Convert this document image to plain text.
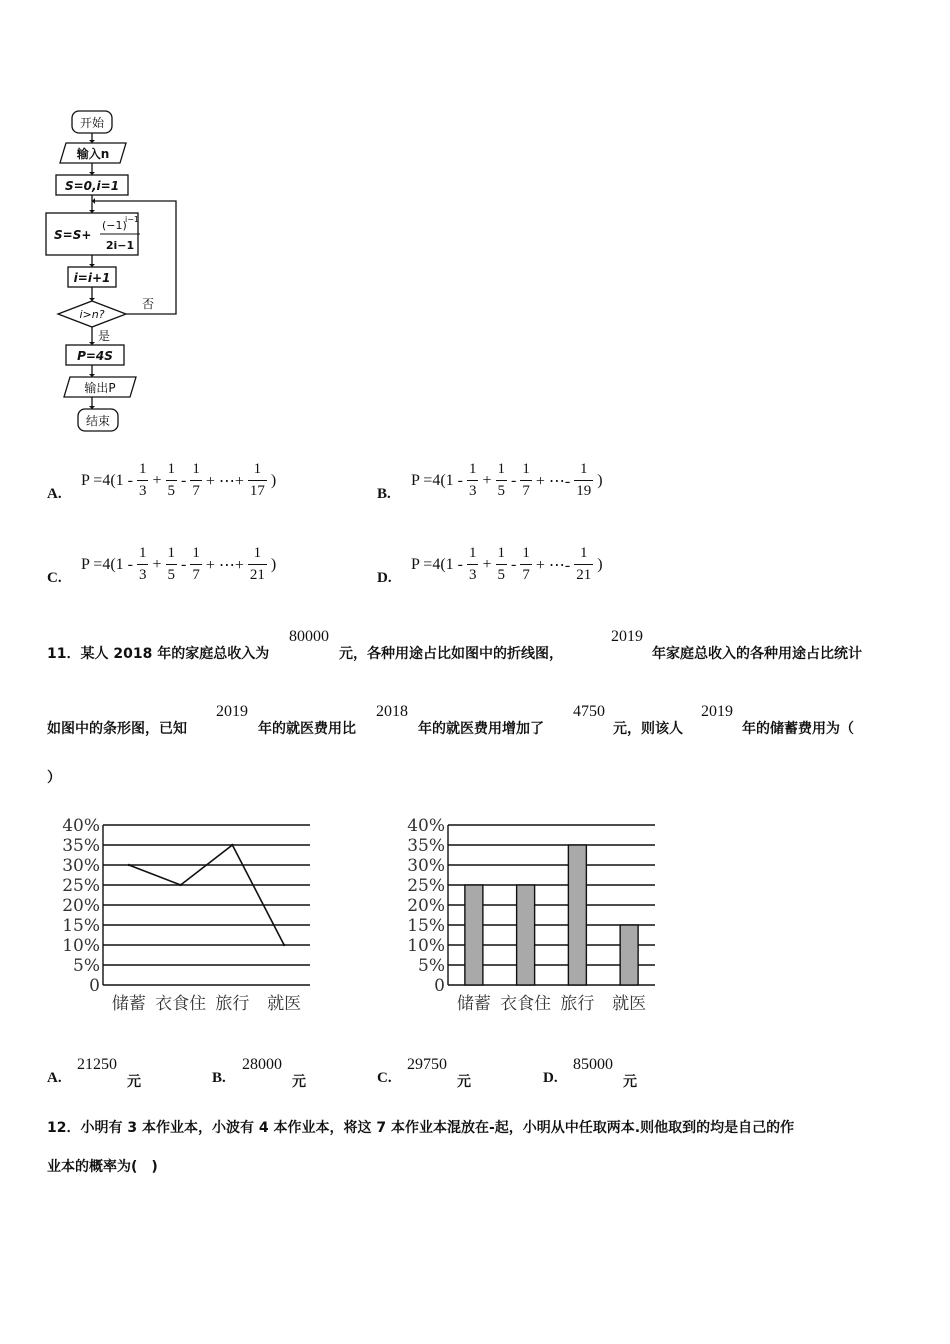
开始
输入n
S=0,i=1
S=S+
(−1)
i−1
2i−1
i=i+1
i>n?
否
是
P=4S
输出P
结束
A.
$P =4(1 - \frac{1}{3} + \frac{1}{5} - \frac{1}{7}$ + ⋯+ $\frac{1}{17}$ )
B.
$P =4(1 - \frac{1}{3} + \frac{1}{5} - \frac{1}{7}$ + ⋯- $\frac{1}{19}$ )
C.
$P =4(1 - \frac{1}{3} + \frac{1}{5} - \frac{1}{7}$ + ⋯+ $\frac{1}{21}$ )
D.
$P =4(1 - \frac{1}{3} + \frac{1}{5} - \frac{1}{7}$ + ⋯- $\frac{1}{21}$ )
11．某人 2018 年的家庭总收入为
80000
元，各种用途占比如图中的折线图，
2019
年家庭总收入的各种用途占比统计
如图中的条形图，已知
2019
年的就医费用比
2018
年的就医费用增加了
4750
元，则该人
2019
年的储蓄费用为（
）
0
5%
10%
15%
20%
25%
30%
35%
40%
储蓄 衣食住 旅行 就医
0
5%
10%
15%
20%
25%
30%
35%
40%
储蓄 衣食住 旅行 就医
A.
21250
元	B.
28000
元	C.
29750
元	D.
85000
元
12．小明有 3 本作业本，小波有 4 本作业本，将这 7 本作业本混放在-起，小明从中任取两本.则他取到的均是自己的作
业本的概率为(　)
